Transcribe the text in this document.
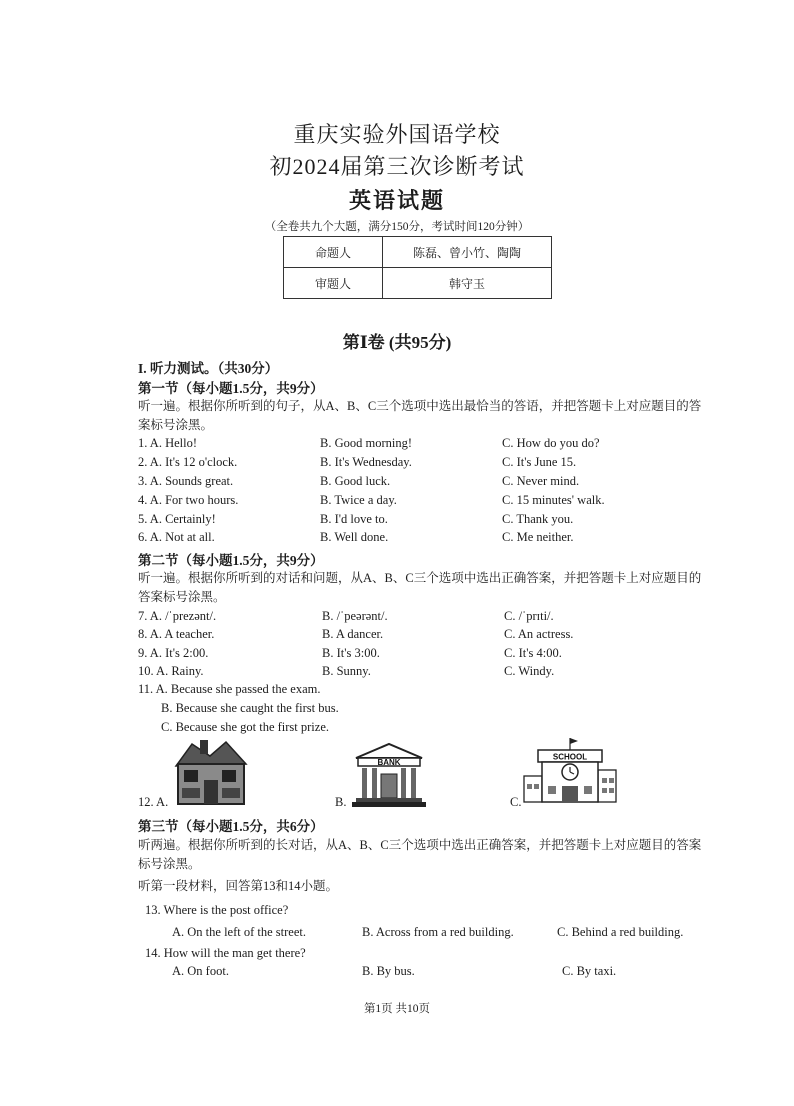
重庆实验外国语学校
初2024届第三次诊断考试
英语试题
（全卷共九个大题，满分150分，考试时间120分钟）
命题人	陈磊、曾小竹、陶陶
审题人	韩守玉
第Ⅰ卷 (共95分)
I. 听力测试。（共30分）
第一节（每小题1.5分，共9分）
听一遍。根据你所听到的句子，从A、B、C三个选项中选出最恰当的答语，并把答题卡上对应题目的答案标号涂黑。
1. A. Hello!	B. Good morning!	C. How do you do?
2. A. It's 12 o'clock.	B. It's Wednesday.	C. It's June 15.
3. A. Sounds great.	B. Good luck.	C. Never mind.
4. A. For two hours.	B. Twice a day.	C. 15 minutes' walk.
5. A. Certainly!	B. I'd love to.	C. Thank you.
6. A. Not at all.	B. Well done.	C. Me neither.
第二节（每小题1.5分，共9分）
听一遍。根据你所听到的对话和问题，从A、B、C三个选项中选出正确答案，并把答题卡上对应题目的答案标号涂黑。
7. A. /ˈprezənt/.	B. /ˈpeərənt/.	C. /ˈprɪti/.
8. A. A teacher.	B. A dancer.	C. An actress.
9. A. It's 2:00.	B. It's 3:00.	C. It's 4:00.
10. A. Rainy.	B. Sunny.	C. Windy.
11. A. Because she passed the exam.
B. Because she caught the first bus.
C. Because she got the first prize.
12. A.	B.
BANK
C.
SCHOOL
第三节（每小题1.5分，共6分）
听两遍。根据你所听到的长对话，从A、B、C三个选项中选出正确答案，并把答题卡上对应题目的答案标号涂黑。
听第一段材料，回答第13和14小题。
13. Where is the post office?
A. On the left of the street.	B. Across from a red building.	C. Behind a red building.
14. How will the man get there?
A. On foot.	B. By bus.	C. By taxi.
第1页 共10页
